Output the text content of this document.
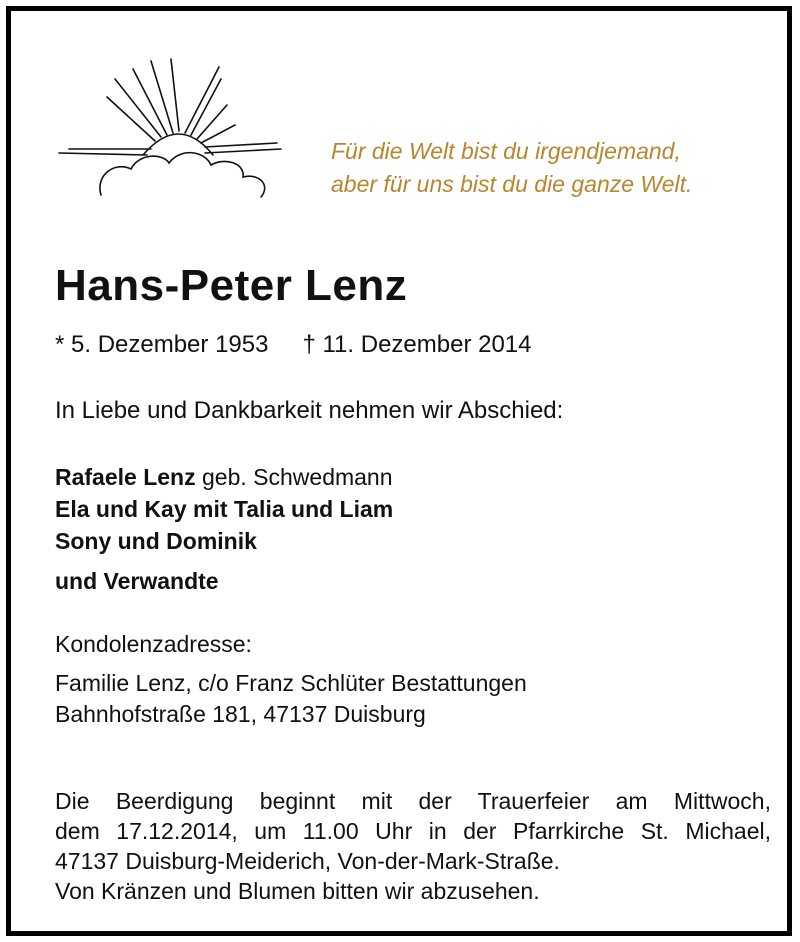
Für die Welt bist du irgendjemand,
aber für uns bist du die ganze Welt.
Hans-Peter Lenz
* 5. Dezember 1953 † 11. Dezember 2014
In Liebe und Dankbarkeit nehmen wir Abschied:
Rafaele Lenz geb. Schwedmann
Ela und Kay mit Talia und Liam
Sony und Dominik
und Verwandte
Kondolenzadresse:
Familie Lenz, c/o Franz Schlüter Bestattungen
Bahnhofstraße 181, 47137 Duisburg
Die Beerdigung beginnt mit der Trauerfeier am Mittwoch,
dem 17.12.2014, um 11.00 Uhr in der Pfarrkirche St. Michael,
47137 Duisburg-Meiderich, Von-der-Mark-Straße.
Von Kränzen und Blumen bitten wir abzusehen.
